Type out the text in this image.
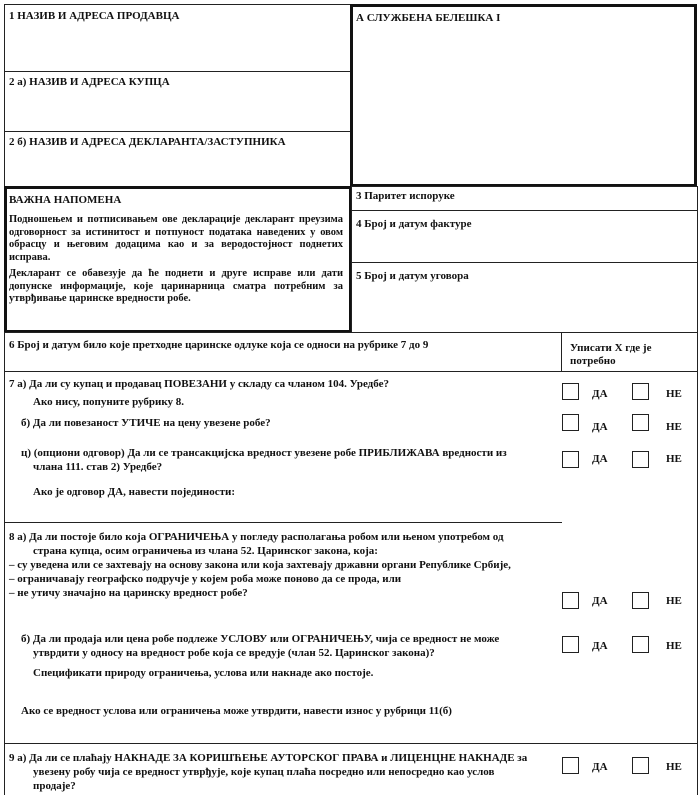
1 НАЗИВ И АДРЕСА ПРОДАВЦА
2 а) НАЗИВ И АДРЕСА КУПЦА
2 б) НАЗИВ И АДРЕСА ДЕКЛАРАНТА/ЗАСТУПНИКА
А СЛУЖБЕНА БЕЛЕШКА І
ВАЖНА НАПОМЕНА
Подношењем и потписивањем ове декларације декларант преузима одговорност за истинитост и потпуност података наведених у овом обрасцу и његовим додацима као и за веродостојност поднетих исправа.
Декларант се обавезује да ће поднети и друге исправе или дати допунске информације, које царинарница сматра потребним за утврђивање царинске вредности робе.
3 Паритет испоруке
4 Број и датум фактуре
5 Број и датум уговора
6 Број и датум било које претходне царинске одлуке која се односи на рубрике 7 до 9	Уписати X где је потребно
7 а) Да ли су купац и продавац ПОВЕЗАНИ у складу са чланом 104. Уредбе?
Ако нису, попуните рубрику 8.
б) Да ли повезаност УТИЧЕ на цену увезене робе?
ц) (опциони одговор) Да ли се трансакцијска вредност увезене робе ПРИБЛИЖАВА вредности из
члана 111. став 2) Уредбе?
Ако је одговор ДА, навести појединости:
ДА	НЕ
ДА	НЕ
ДА	НЕ
8 а) Да ли постоје било која ОГРАНИЧЕЊА у погледу располагања робом или њеном употребом од
страна купца, осим ограничења из члана 52. Царинског закона, која:
– су уведена или се захтевају на основу закона или која захтевају државни органи Републике Србије,
– ограничавају географско подручје у којем роба може поново да се прода, или
– не утичу значајно на царинску вредност робе?
ДА	НЕ
б) Да ли продаја или цена робе подлеже УСЛОВУ или ОГРАНИЧЕЊУ, чија се вредност не може
утврдити у односу на вредност робе која се вредује (члан 52. Царинског закона)?
Спецификати природу ограничења, услова или накнаде ако постоје.
Ако се вредност услова или ограничења може утврдити, навести износ у рубрици 11(б)
ДА	НЕ
9 а) Да ли се плаћају НАКНАДЕ ЗА КОРИШЋЕЊЕ АУТОРСКОГ ПРАВА и ЛИЦЕНЦНЕ НАКНАДЕ за
увезену робу чија се вредност утврђује, које купац плаћа посредно или непосредно као услов
продаје?
ДА	НЕ
